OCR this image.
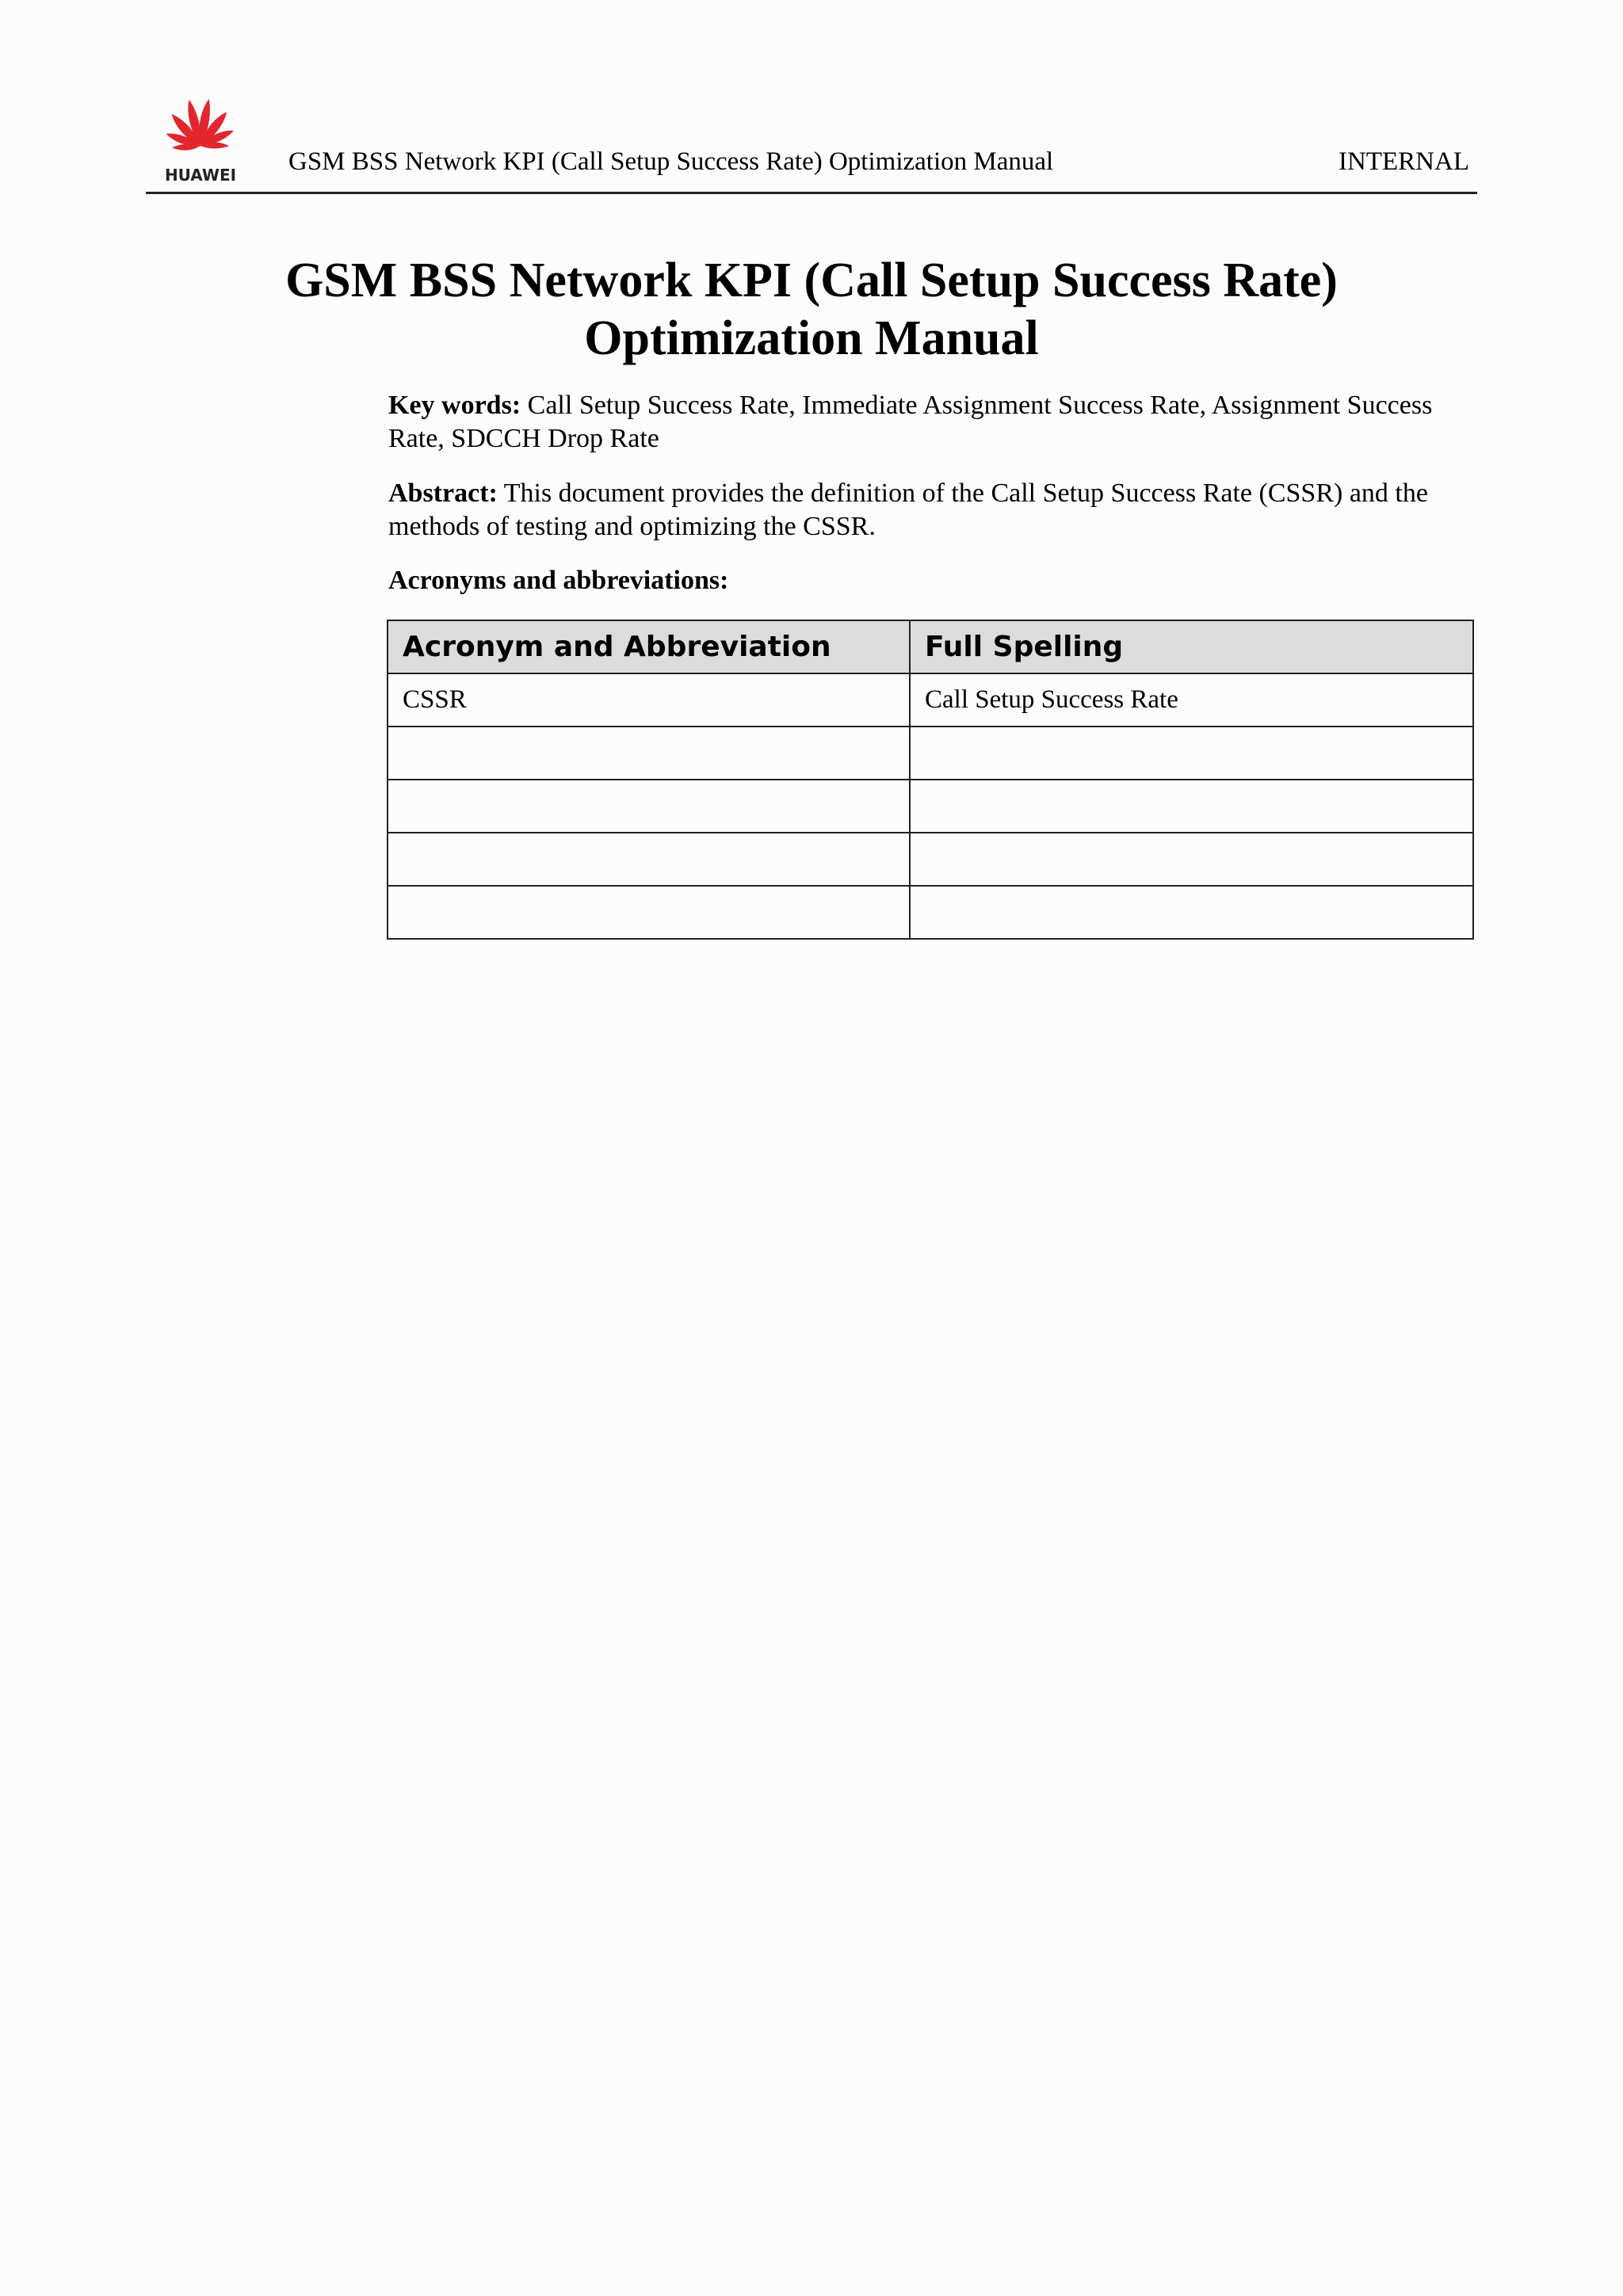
HUAWEI GSM BSS Network KPI (Call Setup Success Rate) Optimization Manual	INTERNAL
GSM BSS Network KPI (Call Setup Success Rate)
Optimization Manual
Key words: Call Setup Success Rate, Immediate Assignment Success Rate, Assignment Success Rate, SDCCH Drop Rate
Abstract: This document provides the definition of the Call Setup Success Rate (CSSR) and the methods of testing and optimizing the CSSR.
Acronyms and abbreviations:
Acronym and Abbreviation	Full Spelling
CSSR	Call Setup Success Rate
